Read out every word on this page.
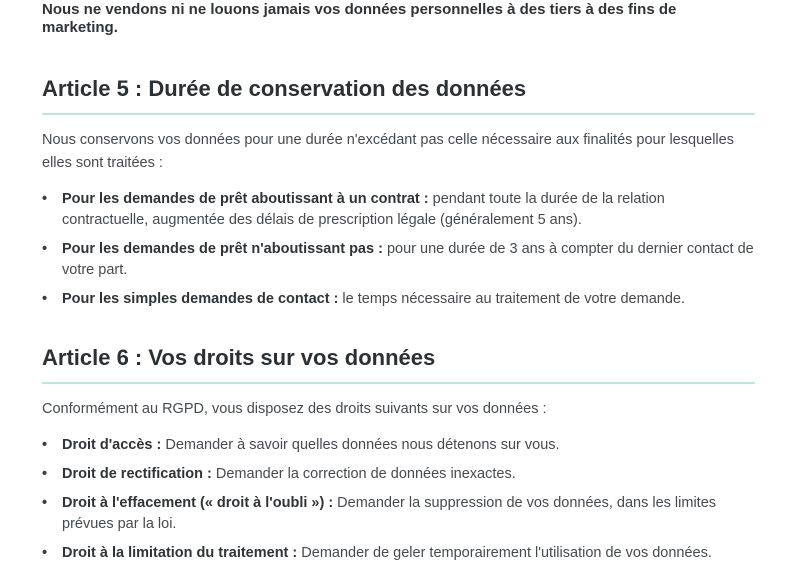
Nous ne vendons ni ne louons jamais vos données personnelles à des tiers à des fins de marketing.

Article 5 : Durée de conservation des données

Nous conservons vos données pour une durée n'excédant pas celle nécessaire aux finalités pour lesquelles elles sont traitées :

•	Pour les demandes de prêt aboutissant à un contrat : pendant toute la durée de la relation contractuelle, augmentée des délais de prescription légale (généralement 5 ans).
•	Pour les demandes de prêt n'aboutissant pas : pour une durée de 3 ans à compter du dernier contact de votre part.
•	Pour les simples demandes de contact : le temps nécessaire au traitement de votre demande.
Article 6 : Vos droits sur vos données

Conformément au RGPD, vous disposez des droits suivants sur vos données :

•	Droit d'accès : Demander à savoir quelles données nous détenons sur vous.
•	Droit de rectification : Demander la correction de données inexactes.
•	Droit à l'effacement (« droit à l'oubli ») : Demander la suppression de vos données, dans les limites prévues par la loi.
•	Droit à la limitation du traitement : Demander de geler temporairement l'utilisation de vos données.
